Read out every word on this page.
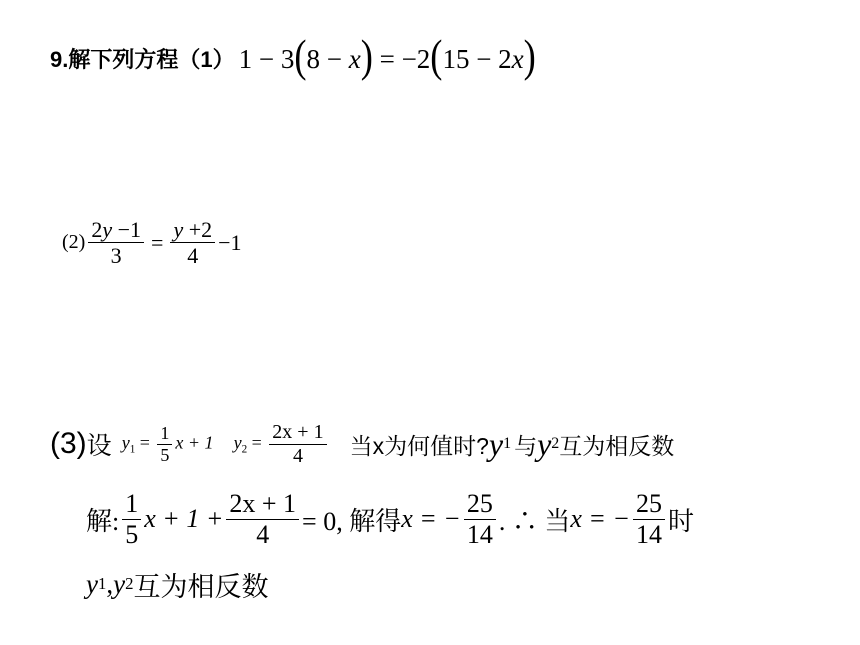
9.解下列方程（1） 1 − 3(8 − x) = −2(15 − 2x)
$(2) \frac{2y -1}{3} = \frac{y +2}{4} -1$
(3) 设 $y_1 = \frac{1}{5}$ x + 1 $y_2 = \frac{2x + 1}{4}$ 当x为何值时? y 1 与 y 2 互为相反数
解: $\frac{1}{5}$ $x + 1 + \frac{2x + 1}{4} = 0$, 解得 x = − $\frac{25}{14}$ . ∴ 当 x = − $\frac{25}{14}$ 时
y 1 , y 2 互为相反数
